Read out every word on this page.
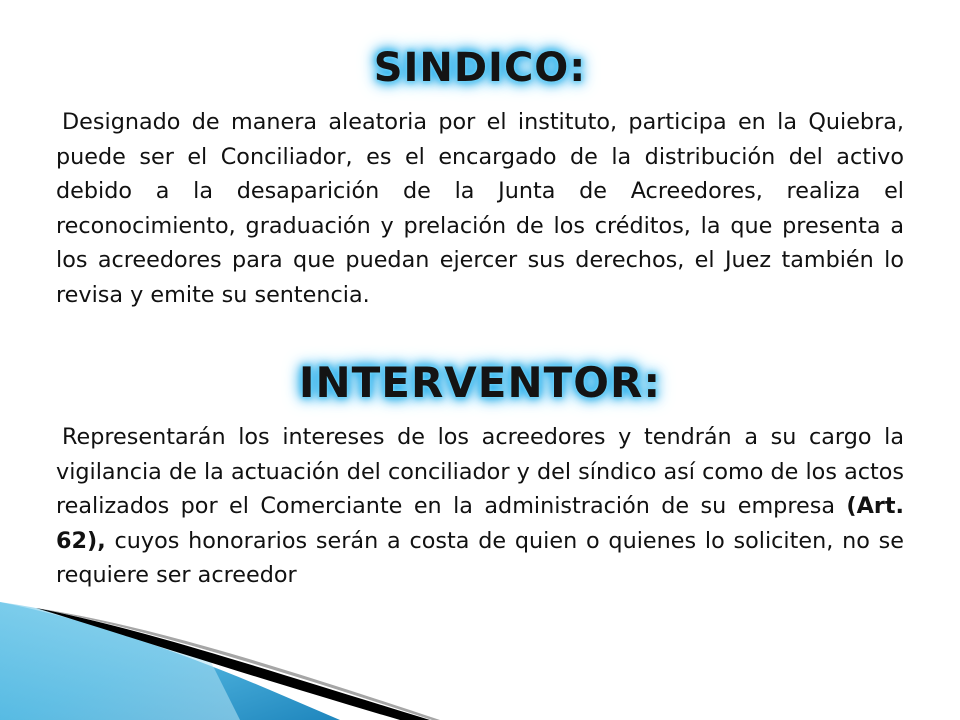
SINDICO:

Designado de manera aleatoria por el instituto, participa en la Quiebra, puede ser el Conciliador, es el encargado de la distribución del activo debido a la desaparición de la Junta de Acreedores, realiza el reconocimiento, graduación y prelación de los créditos, la que presenta a los acreedores para que puedan ejercer sus derechos, el Juez también lo revisa y emite su sentencia.

INTERVENTOR:

Representarán los intereses de los acreedores y tendrán a su cargo la vigilancia de la actuación del conciliador y del síndico así como de los actos realizados por el Comerciante en la administración de su empresa (Art. 62), cuyos honorarios serán a costa de quien o quienes lo soliciten, no se requiere ser acreedor
